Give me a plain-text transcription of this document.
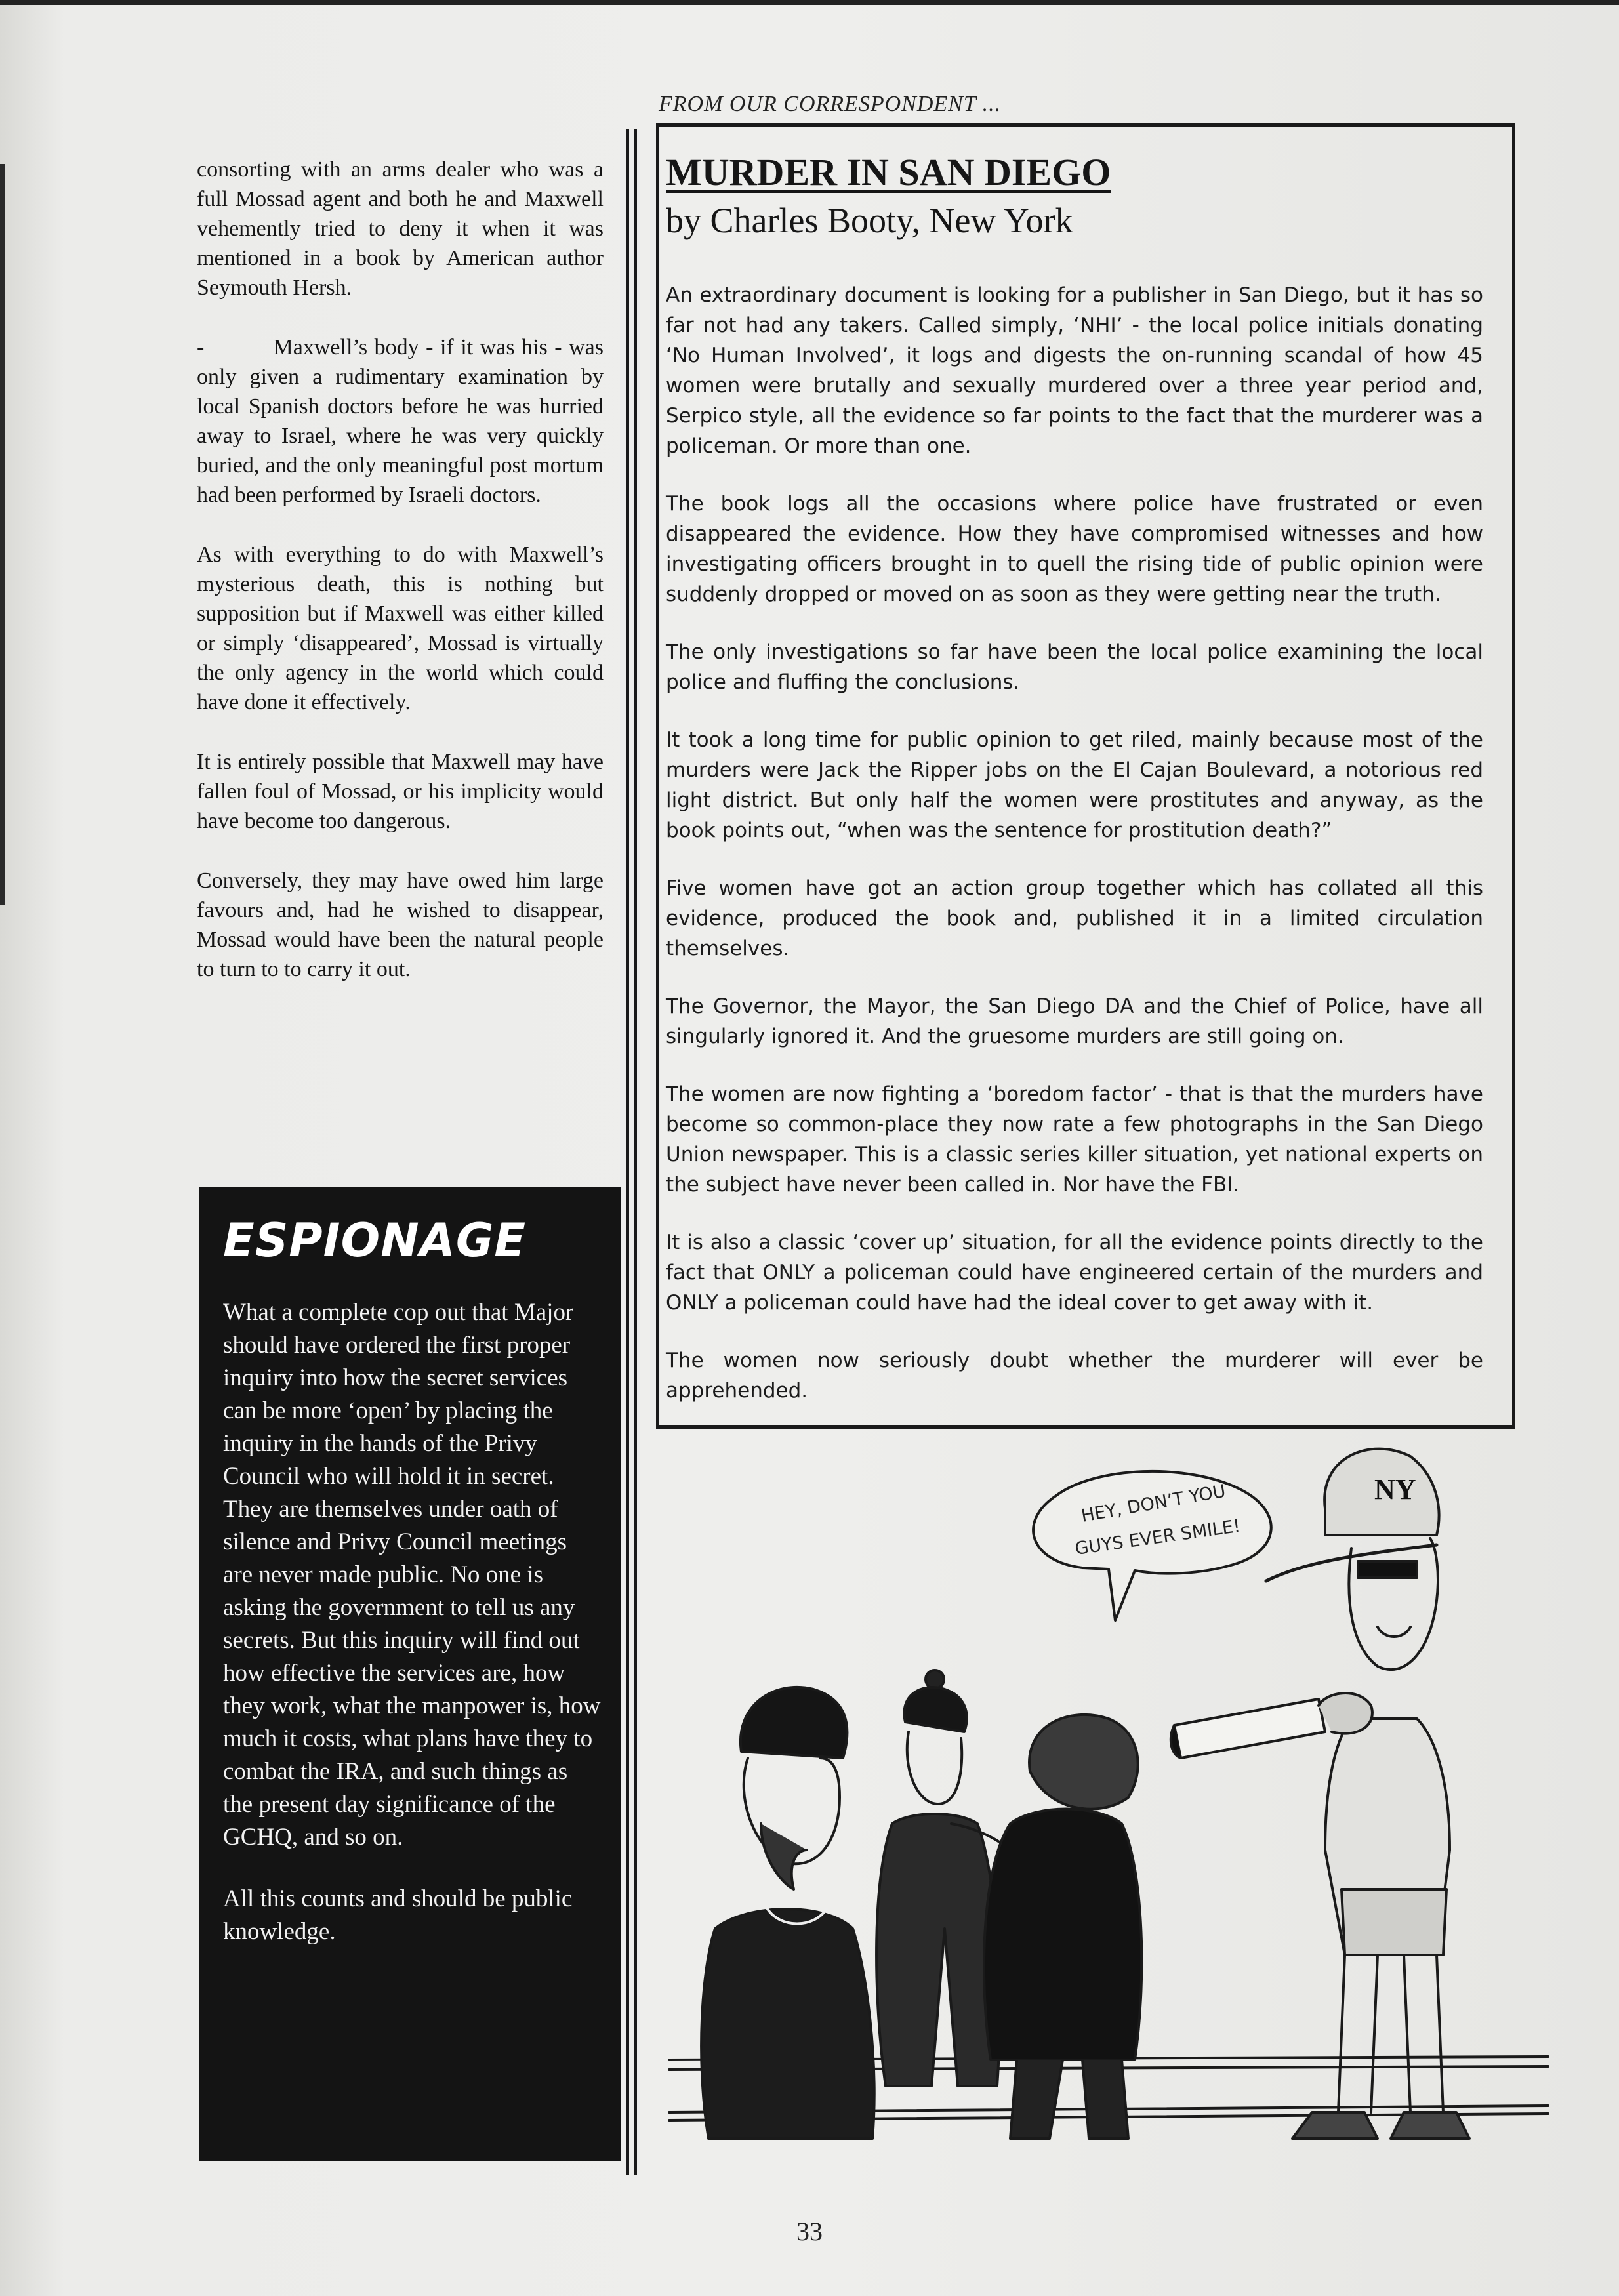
consorting with an arms dealer who was a full Mossad agent and both he and Maxwell vehemently tried to deny it when it was mentioned in a book by American author Seymouth Hersh.

-          Maxwell’s body - if it was his - was only given a rudimentary examination by local Spanish doctors before he was hurried away to Israel, where he was very quickly buried, and the only meaningful post mortum had been performed by Israeli doctors.

As with everything to do with Maxwell’s mysterious death, this is nothing but supposition but if Maxwell was either killed or simply ‘disappeared’, Mossad is virtually the only agency in the world which could have done it effectively.

It is entirely possible that Maxwell may have fallen foul of Mossad, or his implicity would have become too dangerous.

Conversely, they may have owed him large favours and, had he wished to disappear, Mossad would have been the natural people to turn to to carry it out.

ESPIONAGE

What a complete cop out that Major should have ordered the first proper inquiry into how the secret services can be more ‘open’ by placing the inquiry in the hands of the Privy Council who will hold it in secret. They are themselves under oath of silence and Privy Council meetings are never made public. No one is asking the government to tell us any secrets. But this inquiry will find out how effective the services are, how they work, what the manpower is, how much it costs, what plans have they to combat the IRA, and such things as the present day significance of the GCHQ, and so on.

All this counts and should be public knowledge.

FROM OUR CORRESPONDENT ...
MURDER IN SAN DIEGO
by Charles Booty, New York

An extraordinary document is looking for a publisher in San Diego, but it has so far not had any takers. Called simply, ‘NHI’ - the local police initials donating ‘No Human Involved’, it logs and digests the on-running scandal of how 45 women were brutally and sexually murdered over a three year period and, Serpico style, all the evidence so far points to the fact that the murderer was a policeman. Or more than one.

The book logs all the occasions where police have frustrated or even disappeared the evidence. How they have compromised witnesses and how investigating officers brought in to quell the rising tide of public opinion were suddenly dropped or moved on as soon as they were getting near the truth.

The only investigations so far have been the local police examining the local police and fluffing the conclusions.

It took a long time for public opinion to get riled, mainly because most of the murders were Jack the Ripper jobs on the El Cajan Boulevard, a notorious red light district. But only half the women were prostitutes and anyway, as the book points out, “when was the sentence for prostitution death?”

Five women have got an action group together which has collated all this evidence, produced the book and, published it in a limited circulation themselves.

The Governor, the Mayor, the San Diego DA and the Chief of Police, have all singularly ignored it. And the gruesome murders are still going on.

The women are now fighting a ‘boredom factor’ - that is that the murders have become so common-place they now rate a few photographs in the San Diego Union newspaper. This is a classic series killer situation, yet national experts on the subject have never been called in. Nor have the FBI.

It is also a classic ‘cover up’ situation, for all the evidence points directly to the fact that ONLY a policeman could have engineered certain of the murders and ONLY a policeman could have had the ideal cover to get away with it.

The women now seriously doubt whether the murderer will ever be apprehended.

NY
HEY, DON’T YOU
GUYS EVER SMILE!
33
